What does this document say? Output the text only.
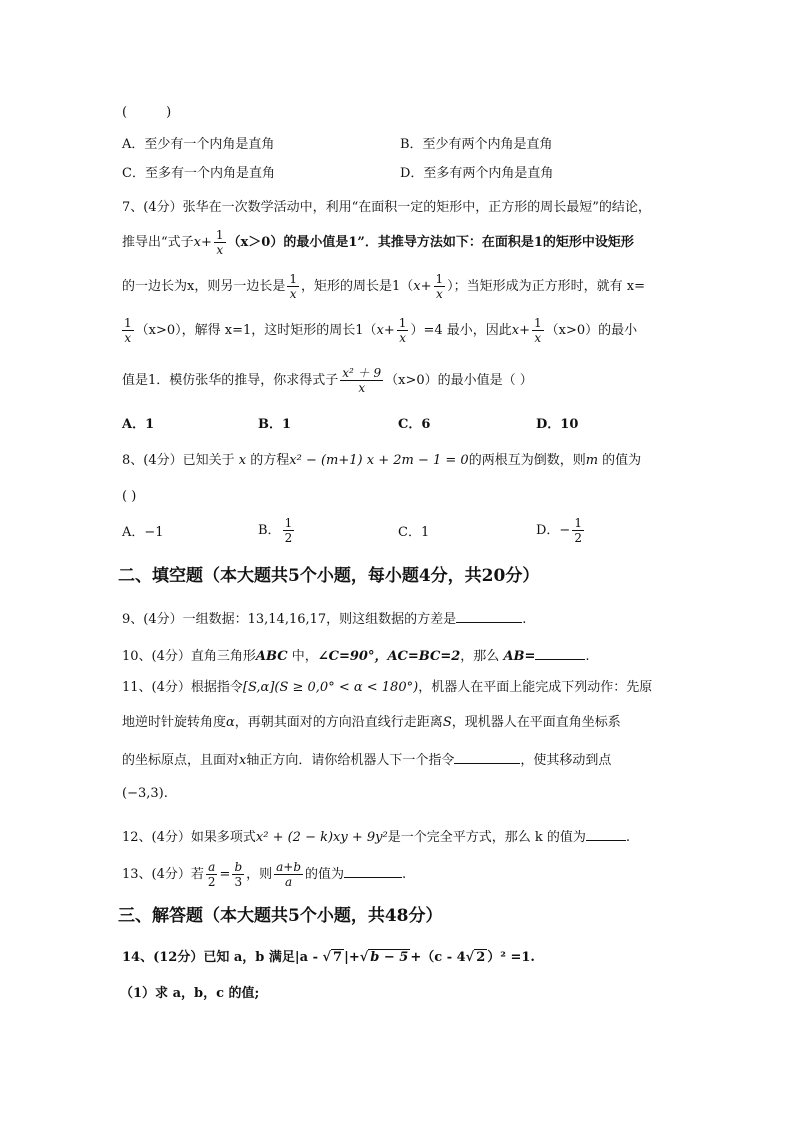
(　　　)
A．至少有一个内角是直角	B．至少有两个内角是直角
C．至多有一个内角是直角	D．至多有两个内角是直角
7、(4分）张华在一次数学活动中，利用“在面积一定的矩形中，正方形的周长最短”的结论，
推导出“式子$x+ \frac{1}{x} (x>0)$的最小值是1”．其推导方法如下：在面积是1的矩形中设矩形
的一边长为x，则另一边长是 $\frac{1}{x}$ ，矩形的周长是$1(x+ \frac{1}{x}$ ）；当矩形成为正方形时，就有 x=
$\frac{1}{x} (x>0)$，解得 x=1，这时矩形的周长$1(x+ \frac{1}{x} )=4$ 最小，因此$x+ \frac{1}{x} (x>0)$的最小
值是1．模仿张华的推导，你求得式子 $\frac{\text{x² ＋ 9}}{x} (x>0)$的最小值是（ ）
A．1	B．1	C．6	D．10
8、(4分）已知关于 x 的方程x² − (m+1) x + 2m − 1 = 0的两根互为倒数，则m 的值为
( )
A．−1	B． $\frac{1}{2}$	C．1	D．− $\frac{1}{2}$
二、填空题（本大题共5个小题，每小题4分，共20分）
9、(4分）一组数据：13,14,16,17，则这组数据的方差是	.
10、(4分）直角三角形ABC 中，∠C=90°，AC=BC=2，那么 AB=	.
11、(4分）根据指令[S,α](S ≥ 0,0° < α < 180°)，机器人在平面上能完成下列动作：先原
地逆时针旋转角度α，再朝其面对的方向沿直线行走距离S，现机器人在平面直角坐标系
的坐标原点，且面对x轴正方向．请你给机器人下一个指令	，使其移动到点
(−3,3).
12、(4分）如果多项式x² + (2 − k)xy + 9y²是一个完全平方式，那么 k 的值为	.
13、(4分）若 $\frac{a}{2} = \frac{b}{3}$ ，则 $\frac{a+b}{a}$ 的值为	.
三、解答题（本大题共5个小题，共48分）
14、(12分）已知 a，b 满足|a - √ 7 |+√ b − 5 +（c - 4√ 2 ）² =1.
（1）求 a，b，c 的值;
